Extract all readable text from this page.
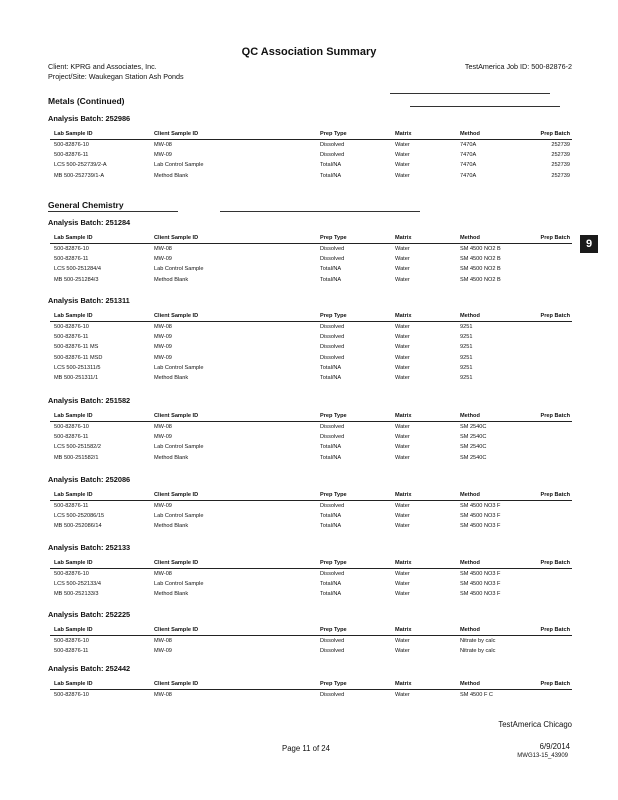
QC Association Summary
Client: KPRG and Associates, Inc.
Project/Site: Waukegan Station Ash Ponds
TestAmerica Job ID: 500-82876-2
Metals (Continued)
General Chemistry
9
Analysis Batch: 252986
Lab Sample ID	Client Sample ID	Prep Type	Matrix	Method	Prep Batch
500-82876-10	MW-08	Dissolved	Water	7470A	252739
500-82876-11	MW-09	Dissolved	Water	7470A	252739
LCS 500-252739/2-A	Lab Control Sample	Total/NA	Water	7470A	252739
MB 500-252739/1-A	Method Blank	Total/NA	Water	7470A	252739
Analysis Batch: 251284
Lab Sample ID	Client Sample ID	Prep Type	Matrix	Method	Prep Batch
500-82876-10	MW-08	Dissolved	Water	SM 4500 NO2 B
500-82876-11	MW-09	Dissolved	Water	SM 4500 NO2 B
LCS 500-251284/4	Lab Control Sample	Total/NA	Water	SM 4500 NO2 B
MB 500-251284/3	Method Blank	Total/NA	Water	SM 4500 NO2 B
Analysis Batch: 251311
Lab Sample ID	Client Sample ID	Prep Type	Matrix	Method	Prep Batch
500-82876-10	MW-08	Dissolved	Water	9251
500-82876-11	MW-09	Dissolved	Water	9251
500-82876-11 MS	MW-09	Dissolved	Water	9251
500-82876-11 MSD	MW-09	Dissolved	Water	9251
LCS 500-251311/5	Lab Control Sample	Total/NA	Water	9251
MB 500-251311/1	Method Blank	Total/NA	Water	9251
Analysis Batch: 251582
Lab Sample ID	Client Sample ID	Prep Type	Matrix	Method	Prep Batch
500-82876-10	MW-08	Dissolved	Water	SM 2540C
500-82876-11	MW-09	Dissolved	Water	SM 2540C
LCS 500-251582/2	Lab Control Sample	Total/NA	Water	SM 2540C
MB 500-251582/1	Method Blank	Total/NA	Water	SM 2540C
Analysis Batch: 252086
Lab Sample ID	Client Sample ID	Prep Type	Matrix	Method	Prep Batch
500-82876-11	MW-09	Dissolved	Water	SM 4500 NO3 F
LCS 500-252086/15	Lab Control Sample	Total/NA	Water	SM 4500 NO3 F
MB 500-252086/14	Method Blank	Total/NA	Water	SM 4500 NO3 F
Analysis Batch: 252133
Lab Sample ID	Client Sample ID	Prep Type	Matrix	Method	Prep Batch
500-82876-10	MW-08	Dissolved	Water	SM 4500 NO3 F
LCS 500-252133/4	Lab Control Sample	Total/NA	Water	SM 4500 NO3 F
MB 500-252133/3	Method Blank	Total/NA	Water	SM 4500 NO3 F
Analysis Batch: 252225
Lab Sample ID	Client Sample ID	Prep Type	Matrix	Method	Prep Batch
500-82876-10	MW-08	Dissolved	Water	Nitrate by calc
500-82876-11	MW-09	Dissolved	Water	Nitrate by calc
Analysis Batch: 252442
Lab Sample ID	Client Sample ID	Prep Type	Matrix	Method	Prep Batch
500-82876-10	MW-08	Dissolved	Water	SM 4500 F C
TestAmerica Chicago
Page 11 of 24	6/9/2014
MWG13-15_43909
